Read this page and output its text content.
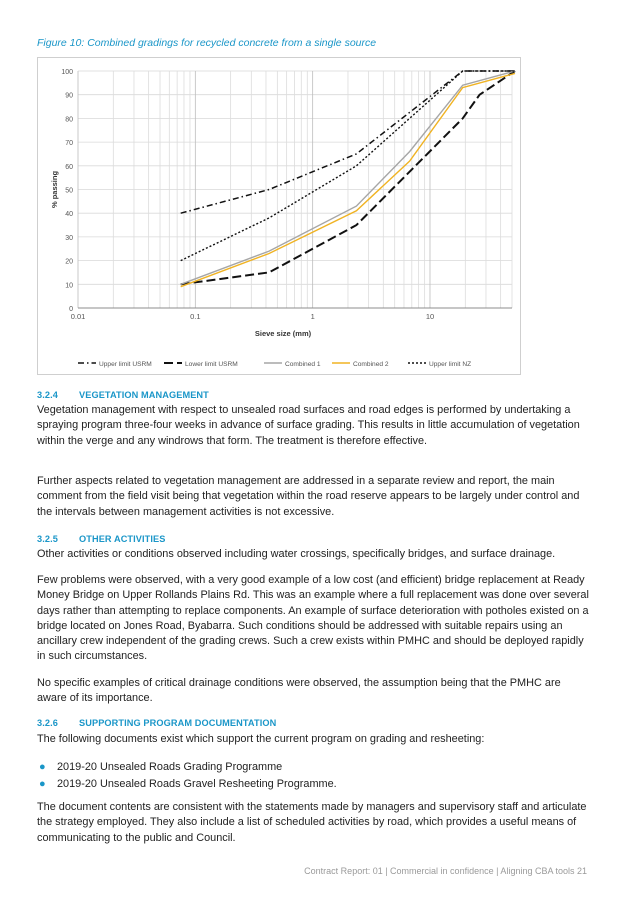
Figure 10: Combined gradings for recycled concrete from a single source
0
10
20
30
40
50
60
70
80
90
100
0.01	0.1	1	10
Sieve size (mm)
% passing
Upper limit USRM	Lower limit USRM	Combined 1	Combined 2	Upper limit NZ
3.2.4 VEGETATION MANAGEMENT
Vegetation management with respect to unsealed road surfaces and road edges is performed by undertaking a spraying program three-four weeks in advance of surface grading. This results in little accumulation of vegetation within the verge and any windrows that form. The treatment is therefore effective.
Further aspects related to vegetation management are addressed in a separate review and report, the main comment from the field visit being that vegetation within the road reserve appears to be largely under control and the intervals between management activities is not excessive.
3.2.5 OTHER ACTIVITIES
Other activities or conditions observed including water crossings, specifically bridges, and surface drainage.
Few problems were observed, with a very good example of a low cost (and efficient) bridge replacement at Ready Money Bridge on Upper Rollands Plains Rd. This was an example where a full replacement was done over several days rather than attempting to replace components. An example of surface deterioration with potholes existed on a bridge located on Jones Road, Byabarra. Such conditions should be addressed with suitable repairs using an ancillary crew independent of the grading crews. Such a crew exists within PMHC and should be deployed rapidly in such circumstances.
No specific examples of critical drainage conditions were observed, the assumption being that the PMHC are aware of its importance.
3.2.6 SUPPORTING PROGRAM DOCUMENTATION
The following documents exist which support the current program on grading and resheeting:
● 2019-20 Unsealed Roads Grading Programme
● 2019-20 Unsealed Roads Gravel Resheeting Programme.
The document contents are consistent with the statements made by managers and supervisory staff and articulate the strategy employed. They also include a list of scheduled activities by road, which provides a useful means of communicating to the public and Council.
Contract Report: 01 | Commercial in confidence | Aligning CBA tools 21
